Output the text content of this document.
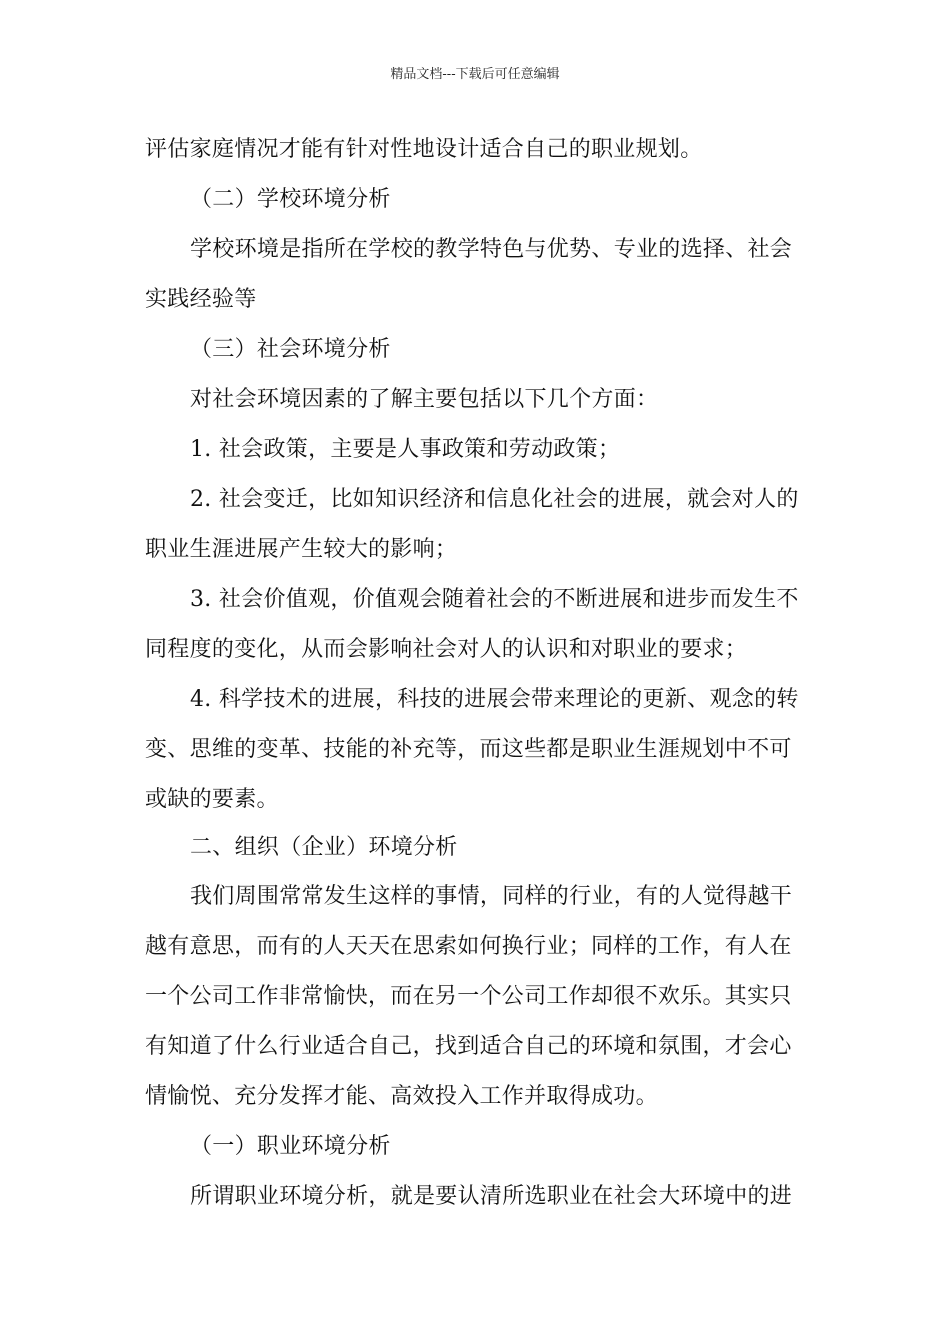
精品文档---下载后可任意编辑
评估家庭情况才能有针对性地设计适合自己的职业规划。
（二）学校环境分析
学校环境是指所在学校的教学特色与优势、专业的选择、社会
实践经验等
（三）社会环境分析
对社会环境因素的了解主要包括以下几个方面：
1. 社会政策，主要是人事政策和劳动政策；
2. 社会变迁，比如知识经济和信息化社会的进展，就会对人的
职业生涯进展产生较大的影响；
3. 社会价值观，价值观会随着社会的不断进展和进步而发生不
同程度的变化，从而会影响社会对人的认识和对职业的要求；
4. 科学技术的进展，科技的进展会带来理论的更新、观念的转
变、思维的变革、技能的补充等，而这些都是职业生涯规划中不可
或缺的要素。
二、组织（企业）环境分析
我们周围常常发生这样的事情，同样的行业，有的人觉得越干
越有意思，而有的人天天在思索如何换行业；同样的工作，有人在
一个公司工作非常愉快，而在另一个公司工作却很不欢乐。其实只
有知道了什么行业适合自己，找到适合自己的环境和氛围，才会心
情愉悦、充分发挥才能、高效投入工作并取得成功。
（一）职业环境分析
所谓职业环境分析，就是要认清所选职业在社会大环境中的进
